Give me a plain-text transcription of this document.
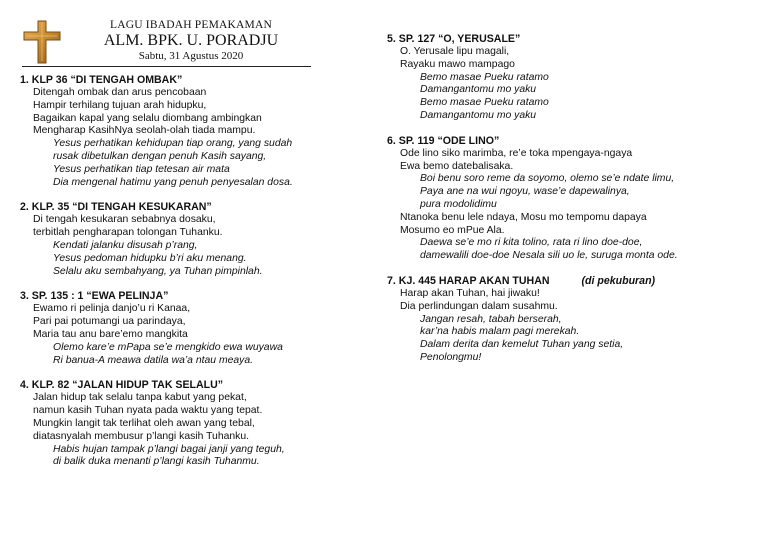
LAGU IBADAH PEMAKAMAN
ALM. BPK. U. PORADJU
Sabtu, 31 Agustus 2020
1. KLP 36 “DI TENGAH OMBAK”
Ditengah ombak dan arus pencobaan
Hampir terhilang tujuan arah hidupku,
Bagaikan kapal yang selalu diombang ambingkan
Mengharap KasihNya seolah-olah tiada mampu.
Yesus perhatikan kehidupan tiap orang, yang sudah
rusak dibetulkan dengan penuh Kasih sayang,
Yesus perhatikan tiap tetesan air mata
Dia mengenal hatimu yang penuh penyesalan dosa.
2. KLP. 35 “DI TENGAH KESUKARAN”
Di tengah kesukaran sebabnya dosaku,
terbitlah pengharapan tolongan Tuhanku.
Kendati jalanku disusah p’rang,
Yesus pedoman hidupku b’ri aku menang.
Selalu aku sembahyang, ya Tuhan pimpinlah.
3. SP. 135 : 1 “EWA PELINJA”
Ewamo ri pelinja danjo’u ri Kanaa,
Pari pai potumangi ua parindaya,
Maria tau anu bare’emo mangkita
Olemo kare’e mPapa se’e mengkido ewa wuyawa
Ri banua-A meawa datila wa’a ntau meaya.
4. KLP. 82 “JALAN HIDUP TAK SELALU”
Jalan hidup tak selalu tanpa kabut yang pekat,
namun kasih Tuhan nyata pada waktu yang tepat.
Mungkin langit tak terlihat oleh awan yang tebal,
diatasnyalah membusur p’langi kasih Tuhanku.
Habis hujan tampak p’langi bagai janji yang teguh,
di balik duka menanti p’langi kasih Tuhanmu.
5. SP. 127 “O, YERUSALE”
O. Yerusale lipu magali,
Rayaku mawo mampago
Bemo masae Pueku ratamo
Damangantomu mo yaku
Bemo masae Pueku ratamo
Damangantomu mo yaku
6. SP. 119 “ODE LINO”
Ode lino siko marimba, re’e toka mpengaya-ngaya
Ewa bemo datebalisaka.
Boi benu soro reme da soyomo, olemo se’e ndate limu,
Paya ane na wui ngoyu, wase’e dapewalinya,
pura modolidimu
Ntanoka benu lele ndaya, Mosu mo tempomu dapaya
Mosumo eo mPue Ala.
Daewa se’e mo ri kita tolino, rata ri lino doe-doe,
damewalili doe-doe Nesala sili uo le, suruga monta ode.
7. KJ. 445 HARAP AKAN TUHAN	(di pekuburan)
Harap akan Tuhan, hai jiwaku!
Dia perlindungan dalam susahmu.
Jangan resah, tabah berserah,
kar’na habis malam pagi merekah.
Dalam derita dan kemelut Tuhan yang setia,
Penolongmu!
